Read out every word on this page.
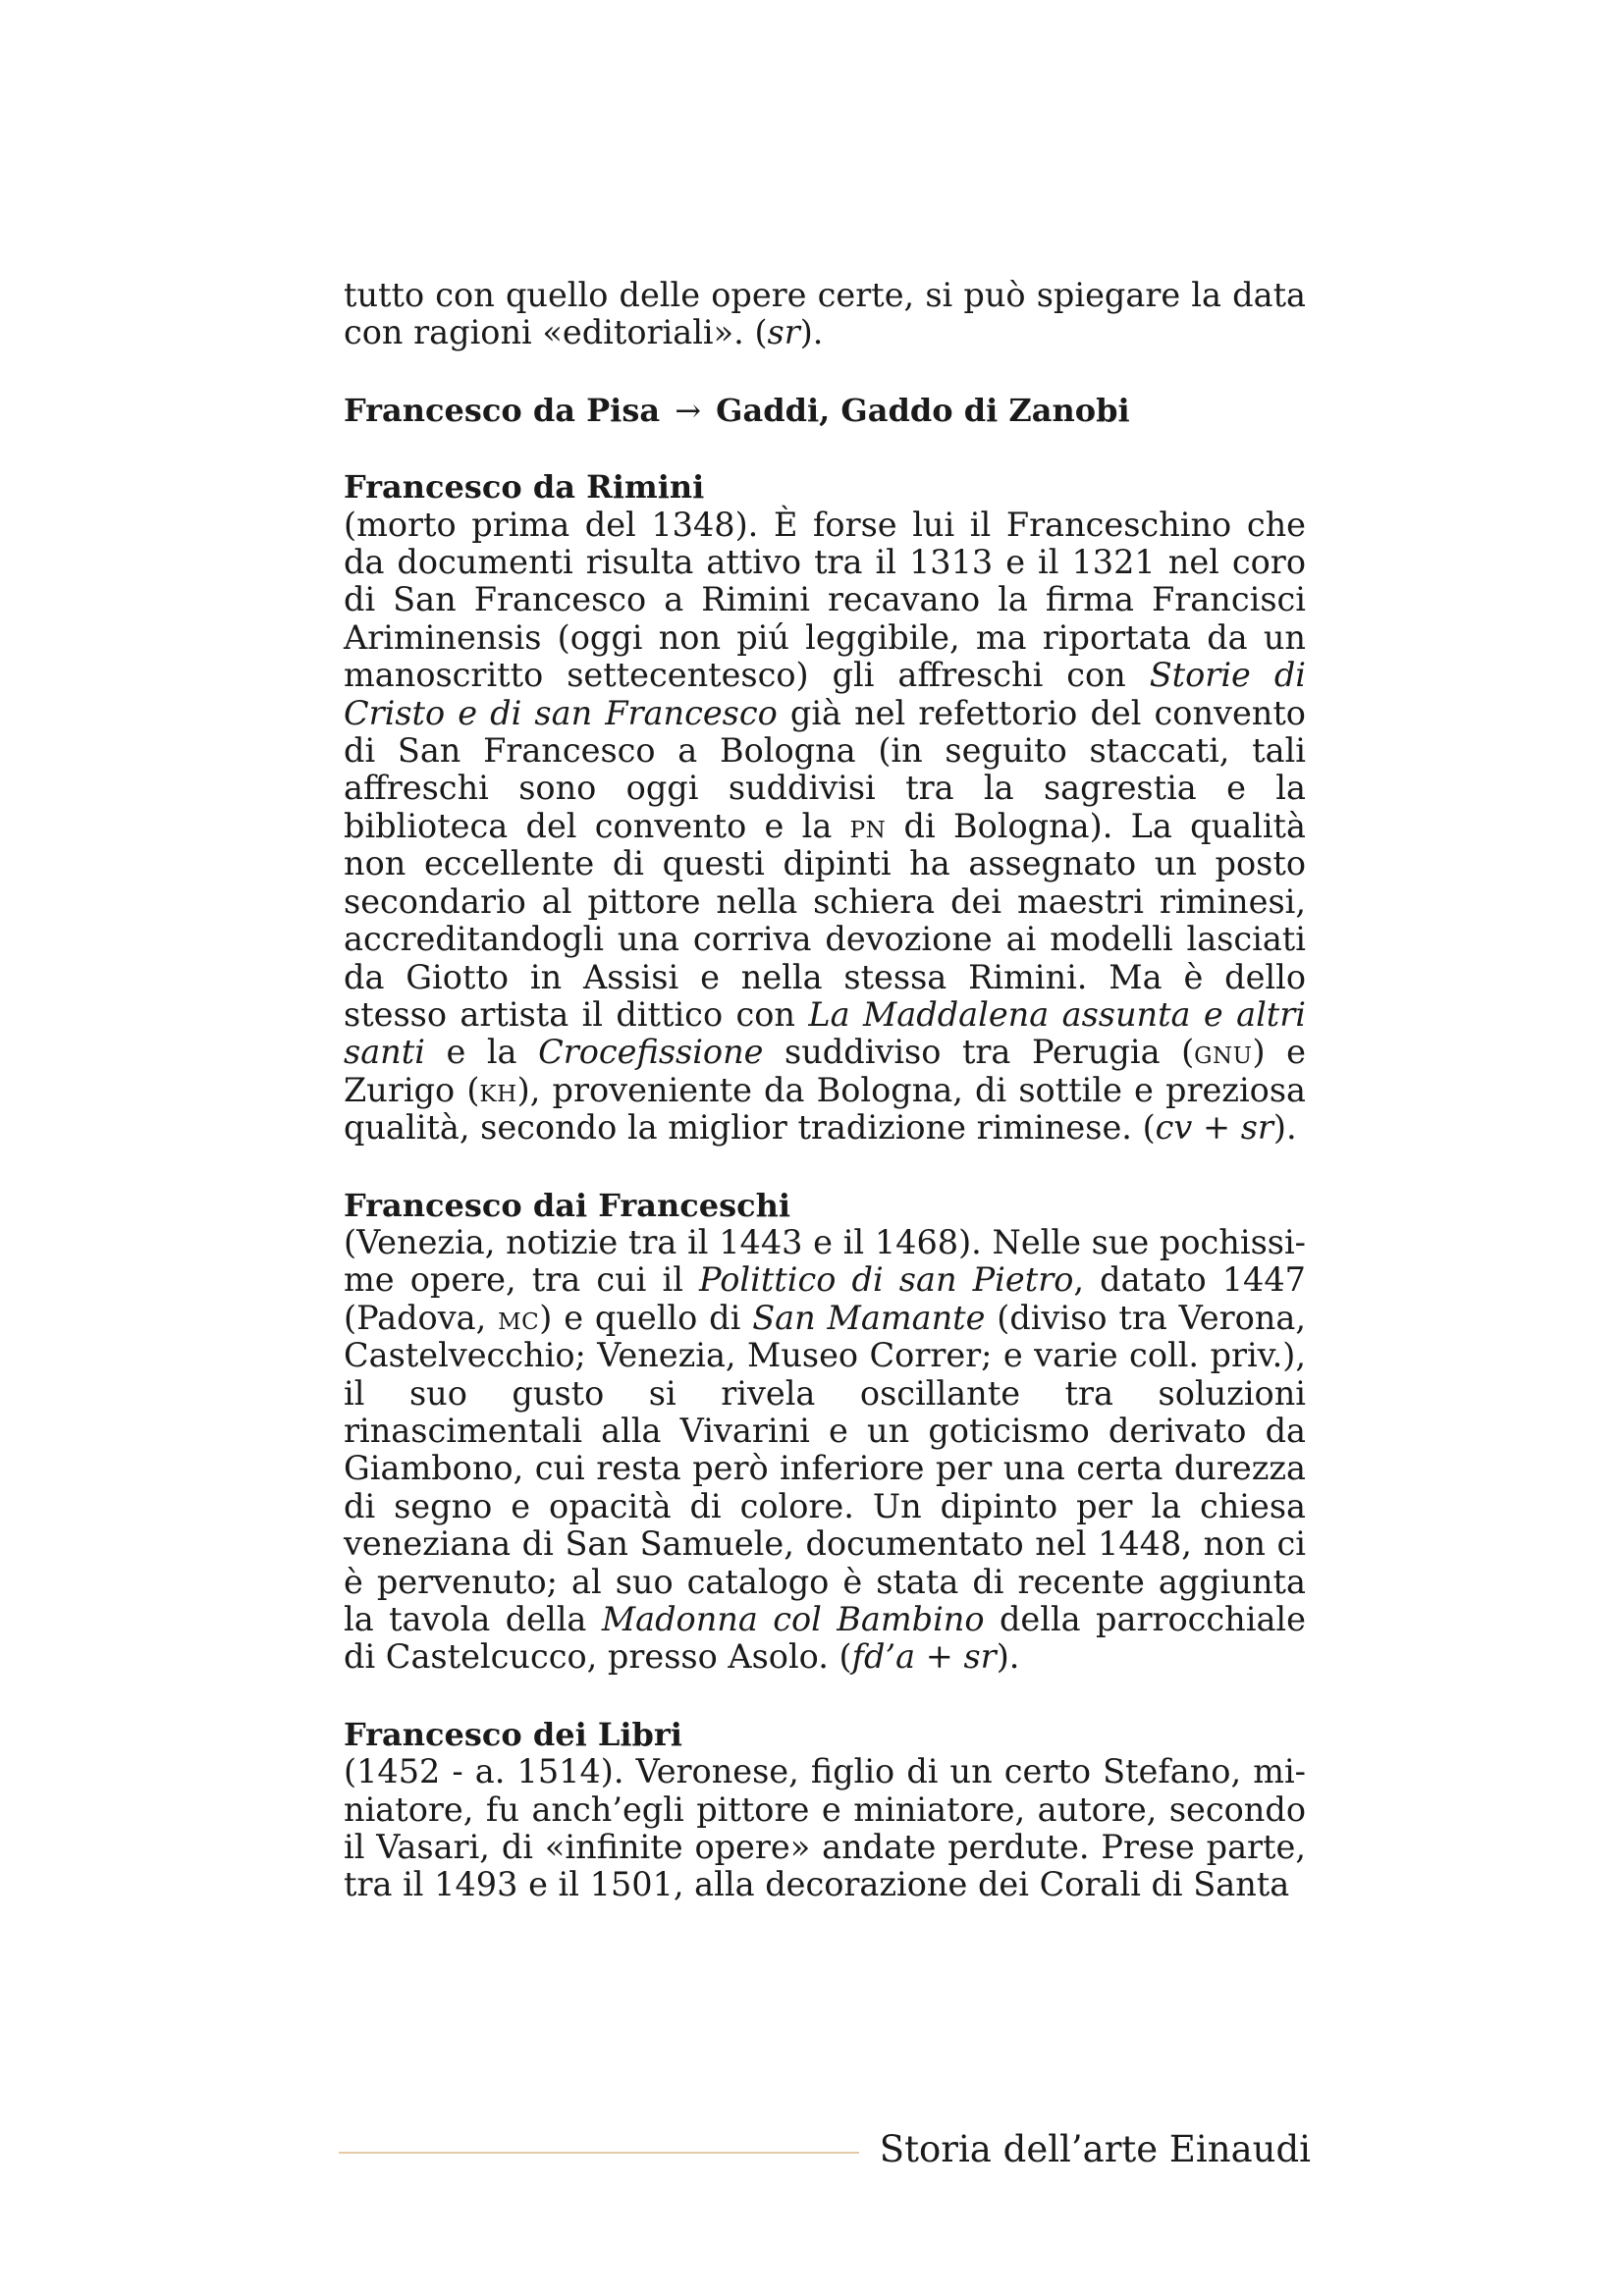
tutto con quello delle opere certe, si può spiegare la data con ragioni «editoriali». (sr).

Francesco da Pisa → Gaddi, Gaddo di Zanobi

Francesco da Rimini

(morto prima del 1348). È forse lui il Franceschino che da documenti risulta attivo tra il 1313 e il 1321 nel coro di San Francesco a Rimini recavano la firma Francisci Ariminensis (oggi non piú leggibile, ma riportata da un manoscritto settecentesco) gli affreschi con Storie di Cristo e di san Francesco già nel refettorio del convento di San Francesco a Bologna (in seguito staccati, tali affreschi sono oggi suddivisi tra la sagrestia e la biblioteca del convento e la pn di Bologna). La qualità non eccellente di questi dipinti ha assegnato un posto secondario al pittore nella schiera dei maestri riminesi, accreditandogli una corriva devozione ai modelli lasciati da Giotto in Assisi e nella stessa Rimini. Ma è dello stesso artista il dittico con La Maddalena assunta e altri santi e la Crocefissione suddiviso tra Perugia (gnu) e Zurigo (kh), proveniente da Bologna, di sottile e preziosa qualità, secondo la miglior tradizione riminese. (cv + sr).

Francesco dai Franceschi

(Venezia, notizie tra il 1443 e il 1468). Nelle sue pochissime opere, tra cui il Polittico di san Pietro, datato 1447 (Padova, mc) e quello di San Mamante (diviso tra Verona, Castelvecchio; Venezia, Museo Correr; e varie coll. priv.), il suo gusto si rivela oscillante tra soluzioni rinascimentali alla Vivarini e un goticismo derivato da Giambono, cui resta però inferiore per una certa durezza di segno e opacità di colore. Un dipinto per la chiesa veneziana di San Samuele, documentato nel 1448, non ci è pervenuto; al suo catalogo è stata di recente aggiunta la tavola della Madonna col Bambino della parrocchiale di Castelcucco, presso Asolo. (fd’a + sr).

Francesco dei Libri

(1452 - a. 1514). Veronese, figlio di un certo Stefano, miniatore, fu anch’egli pittore e miniatore, autore, secondo il Vasari, di «infinite opere» andate perdute. Prese parte, tra il 1493 e il 1501, alla decorazione dei Corali di Santa

Storia dell’arte Einaudi
